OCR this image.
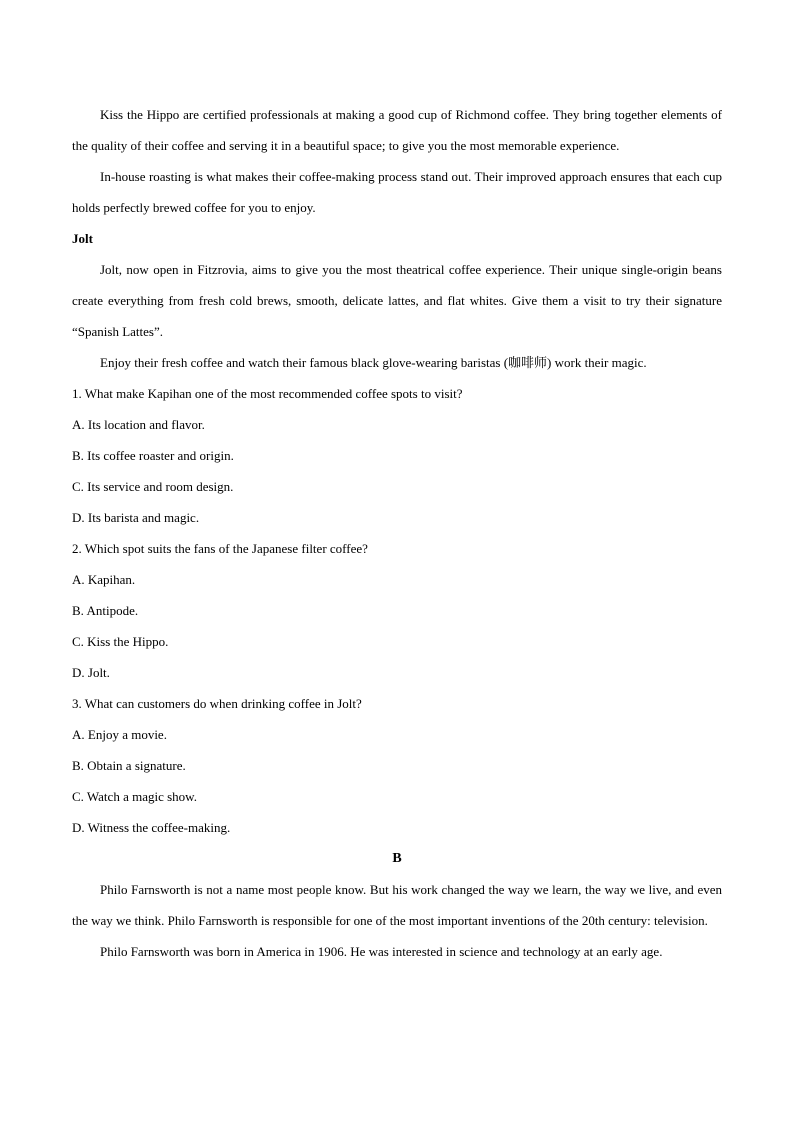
Kiss the Hippo are certified professionals at making a good cup of Richmond coffee. They bring together elements of the quality of their coffee and serving it in a beautiful space; to give you the most memorable experience.

In-house roasting is what makes their coffee-making process stand out. Their improved approach ensures that each cup holds perfectly brewed coffee for you to enjoy.

Jolt

Jolt, now open in Fitzrovia, aims to give you the most theatrical coffee experience. Their unique single-origin beans create everything from fresh cold brews, smooth, delicate lattes, and flat whites. Give them a visit to try their signature “Spanish Lattes”.

Enjoy their fresh coffee and watch their famous black glove-wearing baristas (咖啡师) work their magic.

1. What make Kapihan one of the most recommended coffee spots to visit?

A. Its location and flavor.

B. Its coffee roaster and origin.

C. Its service and room design.

D. Its barista and magic.

2. Which spot suits the fans of the Japanese filter coffee?

A. Kapihan.

B. Antipode.

C. Kiss the Hippo.

D. Jolt.

3. What can customers do when drinking coffee in Jolt?

A. Enjoy a movie.

B. Obtain a signature.

C. Watch a magic show.

D. Witness the coffee-making.

B

Philo Farnsworth is not a name most people know. But his work changed the way we learn, the way we live, and even the way we think. Philo Farnsworth is responsible for one of the most important inventions of the 20th century: television.

Philo Farnsworth was born in America in 1906. He was interested in science and technology at an early age.
